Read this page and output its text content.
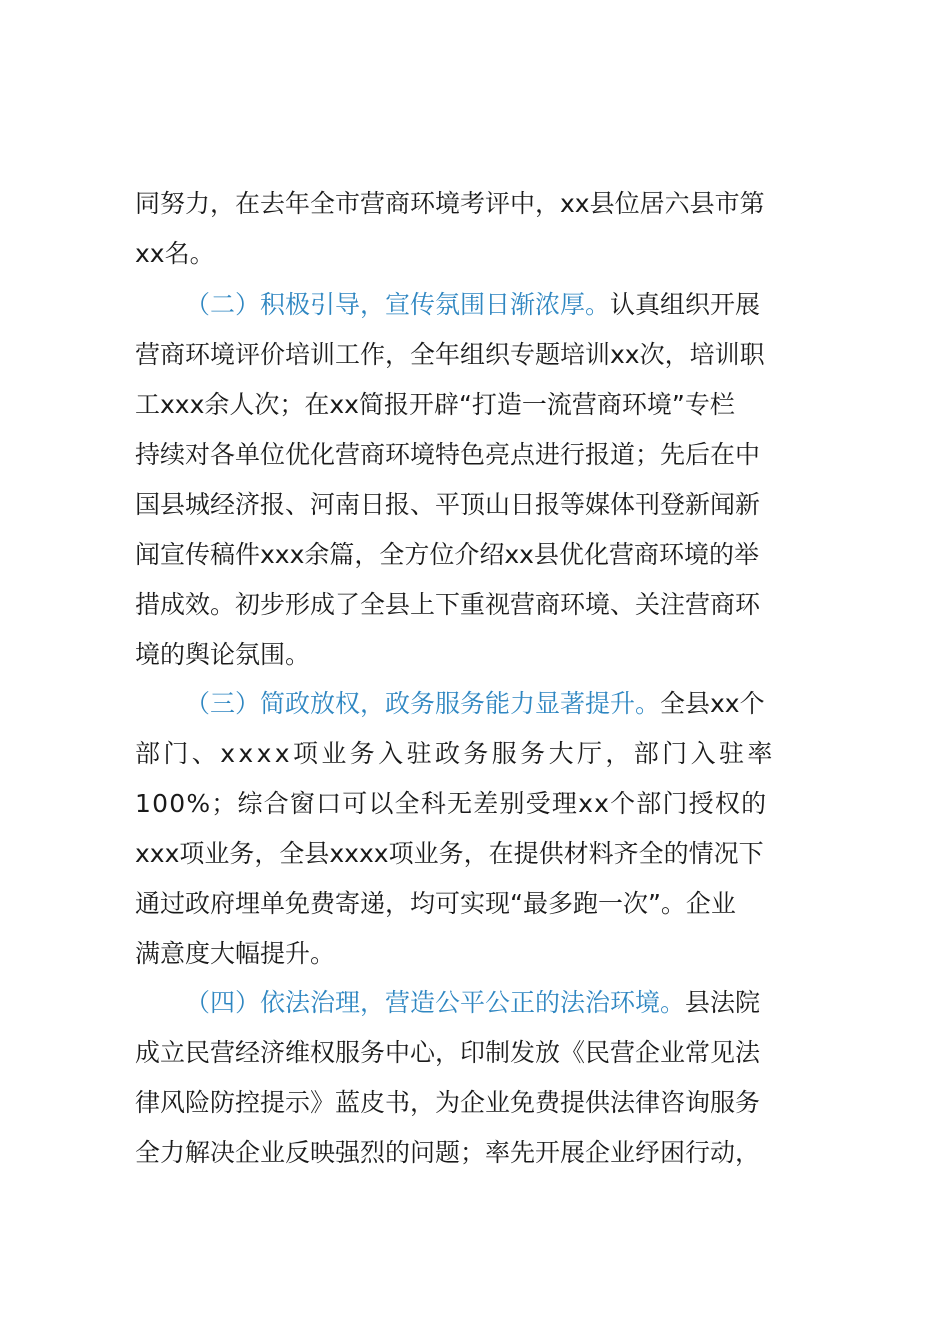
同努力，在去年全市营商环境考评中，xx县位居六县市第
xx名。
（二）积极引导，宣传氛围日渐浓厚。认真组织开展
营商环境评价培训工作，全年组织专题培训xx次，培训职
工xxx余人次；在xx简报开辟“打造一流营商环境”专栏
持续对各单位优化营商环境特色亮点进行报道；先后在中
国县城经济报、河南日报、平顶山日报等媒体刊登新闻新
闻宣传稿件xxx余篇，全方位介绍xx县优化营商环境的举
措成效。初步形成了全县上下重视营商环境、关注营商环
境的舆论氛围。
（三）简政放权，政务服务能力显著提升。全县xx个
部门、xxxx项业务入驻政务服务大厅，部门入驻率
100%；综合窗口可以全科无差别受理xx个部门授权的
xxx项业务，全县xxxx项业务，在提供材料齐全的情况下
通过政府埋单免费寄递，均可实现“最多跑一次”。企业
满意度大幅提升。
（四）依法治理，营造公平公正的法治环境。县法院
成立民营经济维权服务中心，印制发放《民营企业常见法
律风险防控提示》蓝皮书，为企业免费提供法律咨询服务
全力解决企业反映强烈的问题；率先开展企业纾困行动，
